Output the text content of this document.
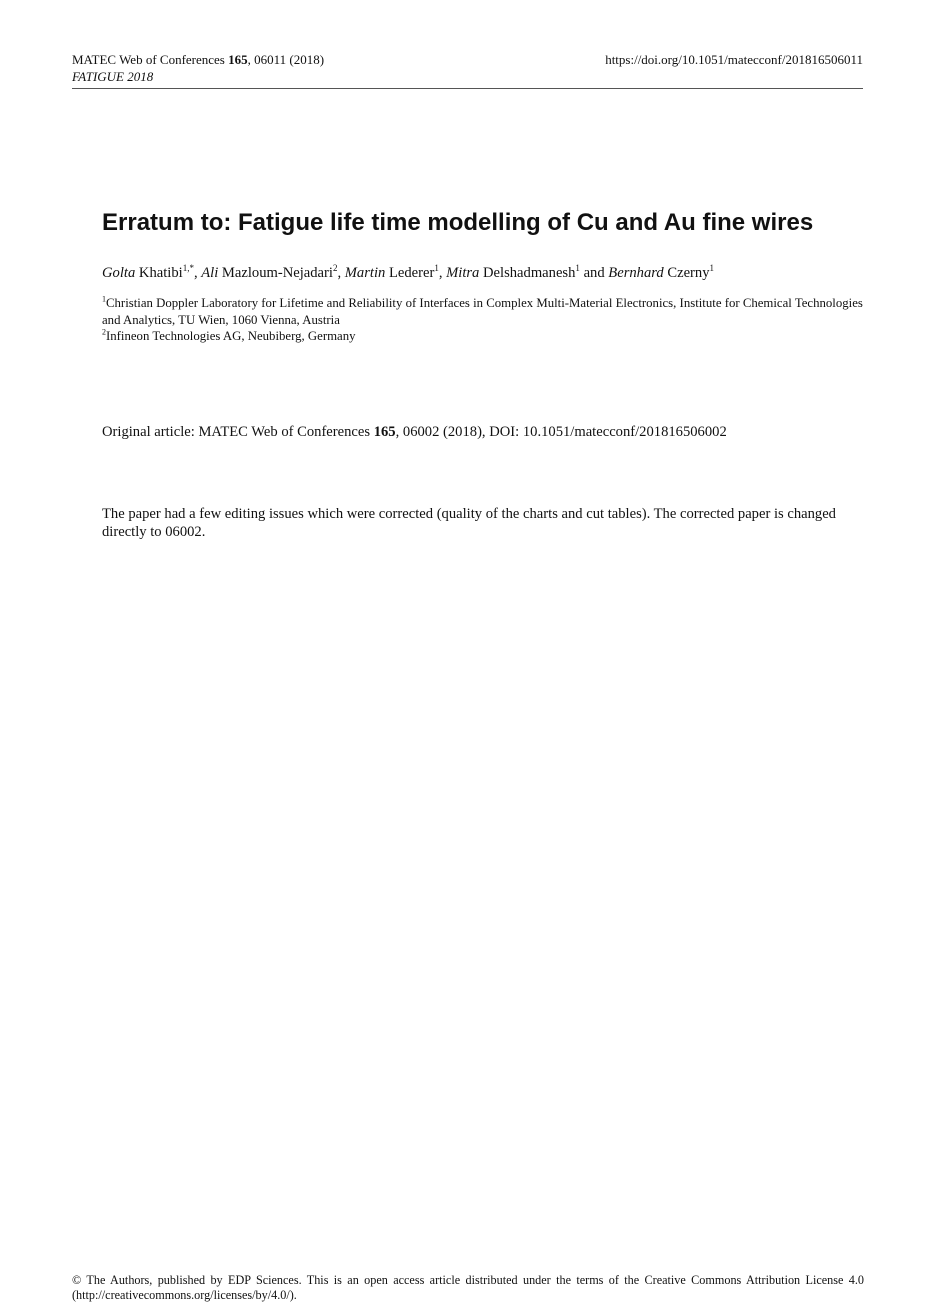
MATEC Web of Conferences 165, 06011 (2018)
FATIGUE 2018
https://doi.org/10.1051/matecconf/201816506011
Erratum to: Fatigue life time modelling of Cu and Au fine wires
Golta Khatibi$^{1,*}$, Ali Mazloum-Nejadari$^2$, Martin Lederer$^1$, Mitra Delshadmanesh$^1$ and Bernhard Czerny$^1$
$^1$Christian Doppler Laboratory for Lifetime and Reliability of Interfaces in Complex Multi-Material Electronics, Institute for Chemical Technologies and Analytics, TU Wien, 1060 Vienna, Austria
$^2$Infineon Technologies AG, Neubiberg, Germany
Original article: MATEC Web of Conferences 165, 06002 (2018), DOI: 10.1051/matecconf/201816506002

The paper had a few editing issues which were corrected (quality of the charts and cut tables). The corrected paper is changed directly to 06002.

© The Authors, published by EDP Sciences. This is an open access article distributed under the terms of the Creative Commons Attribution License 4.0 (http://creativecommons.org/licenses/by/4.0/).
